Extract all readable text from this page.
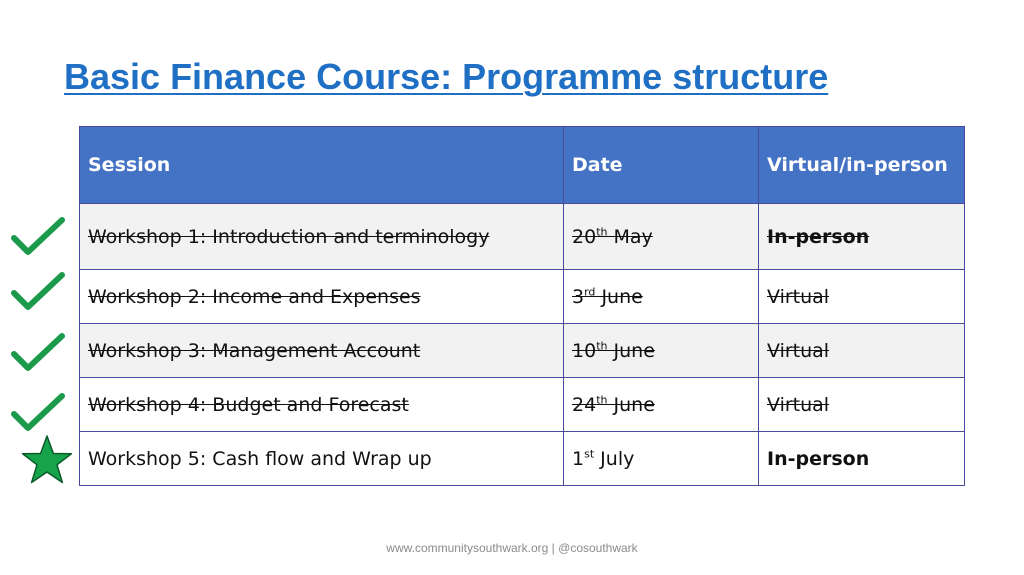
Basic Finance Course: Programme structure
Session	Date	Virtual/in-person
Workshop 1: Introduction and terminology	20th May	In-person
Workshop 2: Income and Expenses	3rd June	Virtual
Workshop 3: Management Account	10th June	Virtual
Workshop 4: Budget and Forecast	24th June	Virtual
Workshop 5: Cash flow and Wrap up	1st July	In-person
www.communitysouthwark.org | @cosouthwark
